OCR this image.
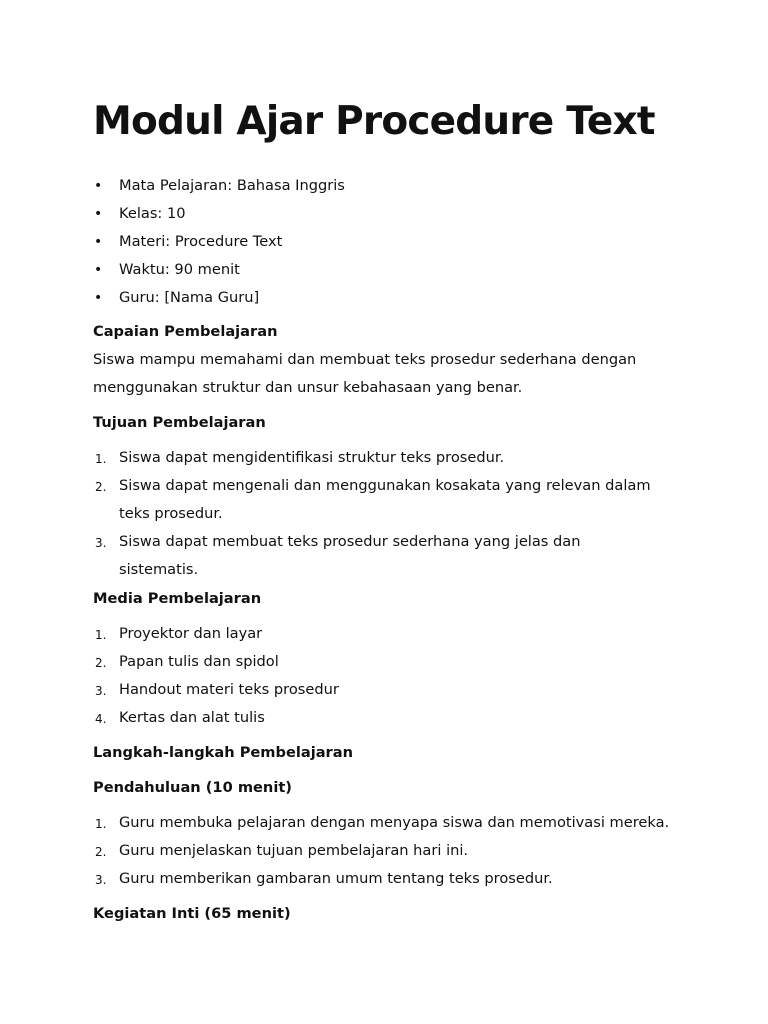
Modul Ajar Procedure Text
• Mata Pelajaran: Bahasa Inggris
• Kelas: 10
• Materi: Procedure Text
• Waktu: 90 menit
• Guru: [Nama Guru]
Capaian Pembelajaran
Siswa mampu memahami dan membuat teks prosedur sederhana dengan menggunakan struktur dan unsur kebahasaan yang benar.
Tujuan Pembelajaran
1. Siswa dapat mengidentifikasi struktur teks prosedur.
2. Siswa dapat mengenali dan menggunakan kosakata yang relevan dalam teks prosedur.
3. Siswa dapat membuat teks prosedur sederhana yang jelas dan sistematis.
Media Pembelajaran
1. Proyektor dan layar
2. Papan tulis dan spidol
3. Handout materi teks prosedur
4. Kertas dan alat tulis
Langkah-langkah Pembelajaran
Pendahuluan (10 menit)
1. Guru membuka pelajaran dengan menyapa siswa dan memotivasi mereka.
2. Guru menjelaskan tujuan pembelajaran hari ini.
3. Guru memberikan gambaran umum tentang teks prosedur.
Kegiatan Inti (65 menit)
